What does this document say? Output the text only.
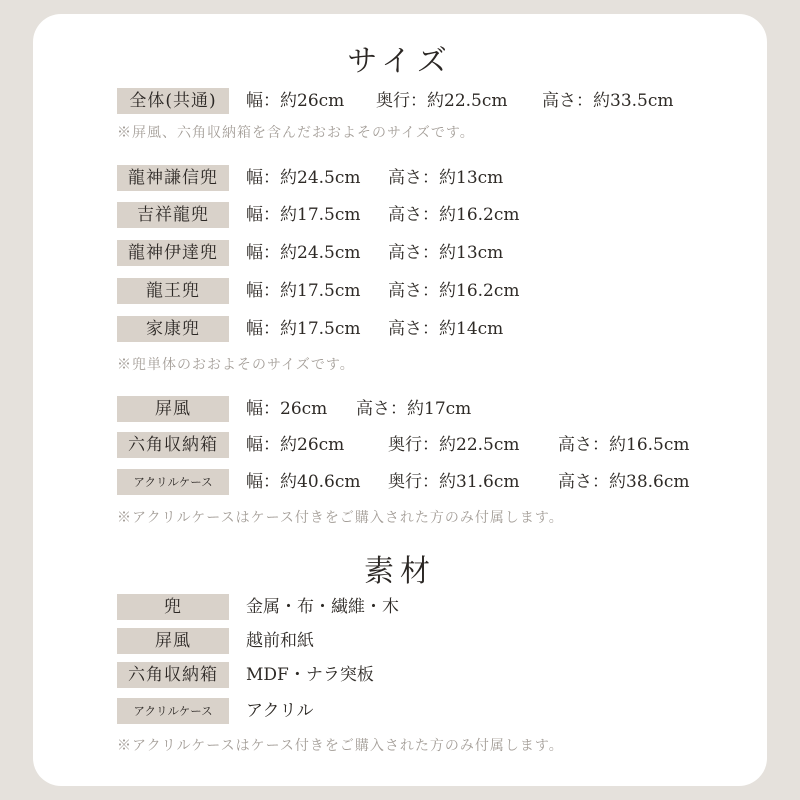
サイズ
全体(共通)	幅：約26cm 奥行：約22.5cm 高さ：約33.5cm
※屏風、六角収納箱を含んだおおよそのサイズです。
龍神謙信兜	幅：約24.5cm 高さ：約13cm
吉祥龍兜	幅：約17.5cm 高さ：約16.2cm
龍神伊達兜	幅：約24.5cm 高さ：約13cm
龍王兜	幅：約17.5cm 高さ：約16.2cm
家康兜	幅：約17.5cm 高さ：約14cm
※兜単体のおおよそのサイズです。
屏風	幅：26cm 高さ：約17cm
六角収納箱	幅：約26cm	奥行：約22.5cm 高さ：約16.5cm
アクリルケース	幅：約40.6cm 奥行：約31.6cm 高さ：約38.6cm
※アクリルケースはケース付きをご購入された方のみ付属します。
素材
兜	金属・布・繊維・木
屏風	越前和紙
六角収納箱	MDF・ナラ突板
アクリルケース	アクリル
※アクリルケースはケース付きをご購入された方のみ付属します。
